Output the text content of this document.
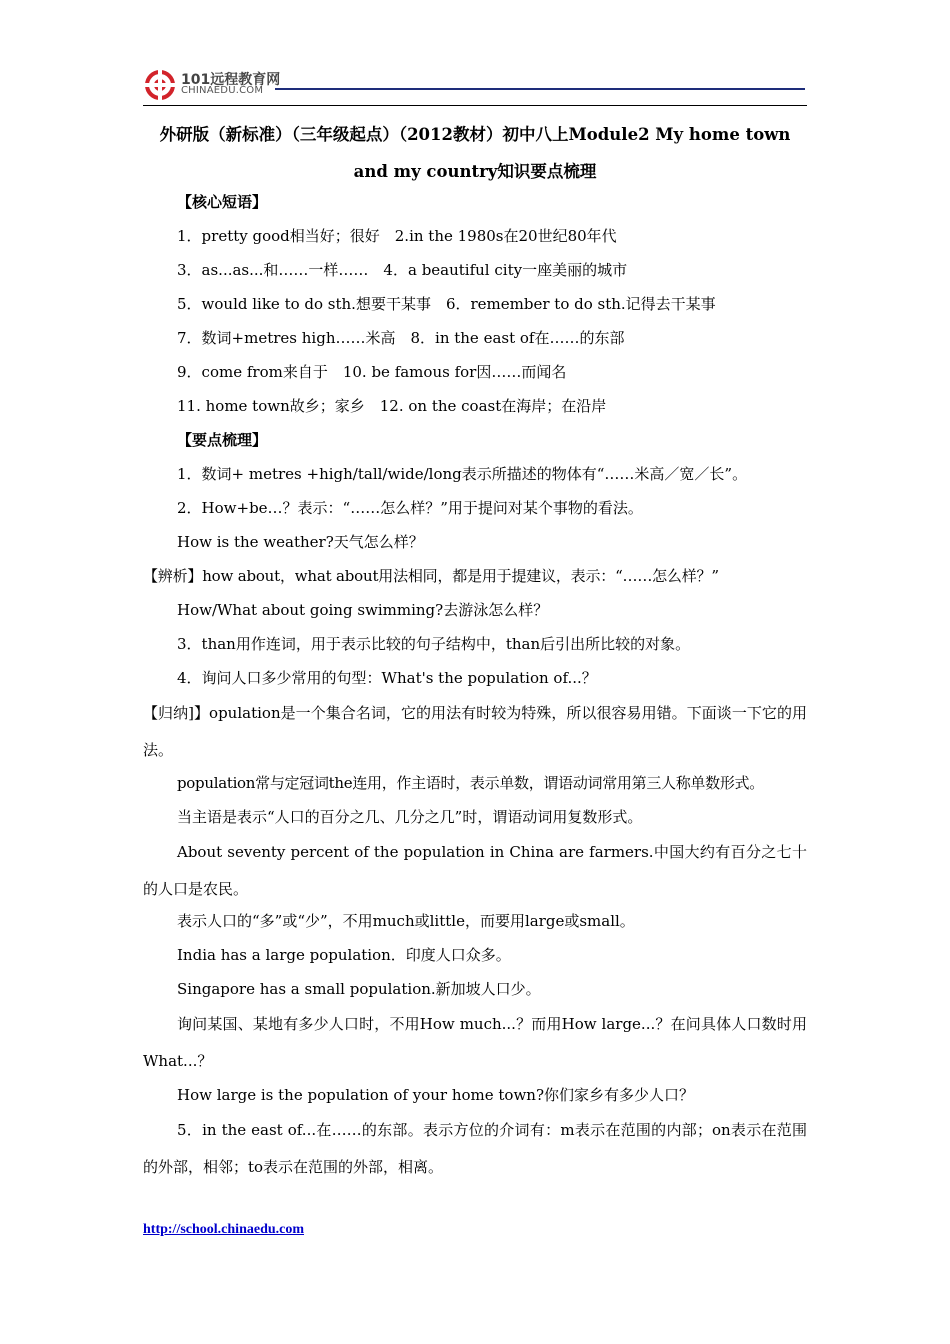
101远程教育网
CHINAEDU.COM
外研版（新标准）（三年级起点）（2012教材）初中八上Module2 My home town and my country知识要点梳理
【核心短语】
1．pretty good相当好；很好　2.in the 1980s在20世纪80年代
3．as...as...和……一样……　4．a beautiful city一座美丽的城市
5．would like to do sth.想要干某事　6．remember to do sth.记得去干某事
7．数词+metres high……米高　8．in the east of在……的东部
9．come from来自于　10. be famous for因……而闻名
11. home town故乡；家乡　12. on the coast在海岸；在沿岸
【要点梳理】
1．数词+ metres +high/tall/wide/long表示所描述的物体有“……米高／宽／长”。
2．How+be…？表示：“……怎么样？”用于提问对某个事物的看法。
How is the weather?天气怎么样？
【辨析】how about，what about用法相同，都是用于提建议，表示：“……怎么样？”
How/What about going swimming?去游泳怎么样？
3．than用作连词，用于表示比较的句子结构中，than后引出所比较的对象。
4．询问人口多少常用的句型：What's the population of...？
【归纳]】opulation是一个集合名词，它的用法有时较为特殊，所以很容易用错。下面谈一下它的用法。
population常与定冠词the连用，作主语时，表示单数，谓语动词常用第三人称单数形式。
当主语是表示“人口的百分之几、几分之几”时，谓语动词用复数形式。
About seventy percent of the population in China are farmers.中国大约有百分之七十的人口是农民。
表示人口的“多”或“少”，不用much或little，而要用large或small。
India has a large population．印度人口众多。
Singapore has a small population.新加坡人口少。
询问某国、某地有多少人口时，不用How much...？而用How large...？在问具体人口数时用What...？
How large is the population of your home town?你们家乡有多少人口？
5．in the east of...在……的东部。表示方位的介词有：m表示在范围的内部；on表示在范围的外部，相邻；to表示在范围的外部，相离。
http://school.chinaedu.com
